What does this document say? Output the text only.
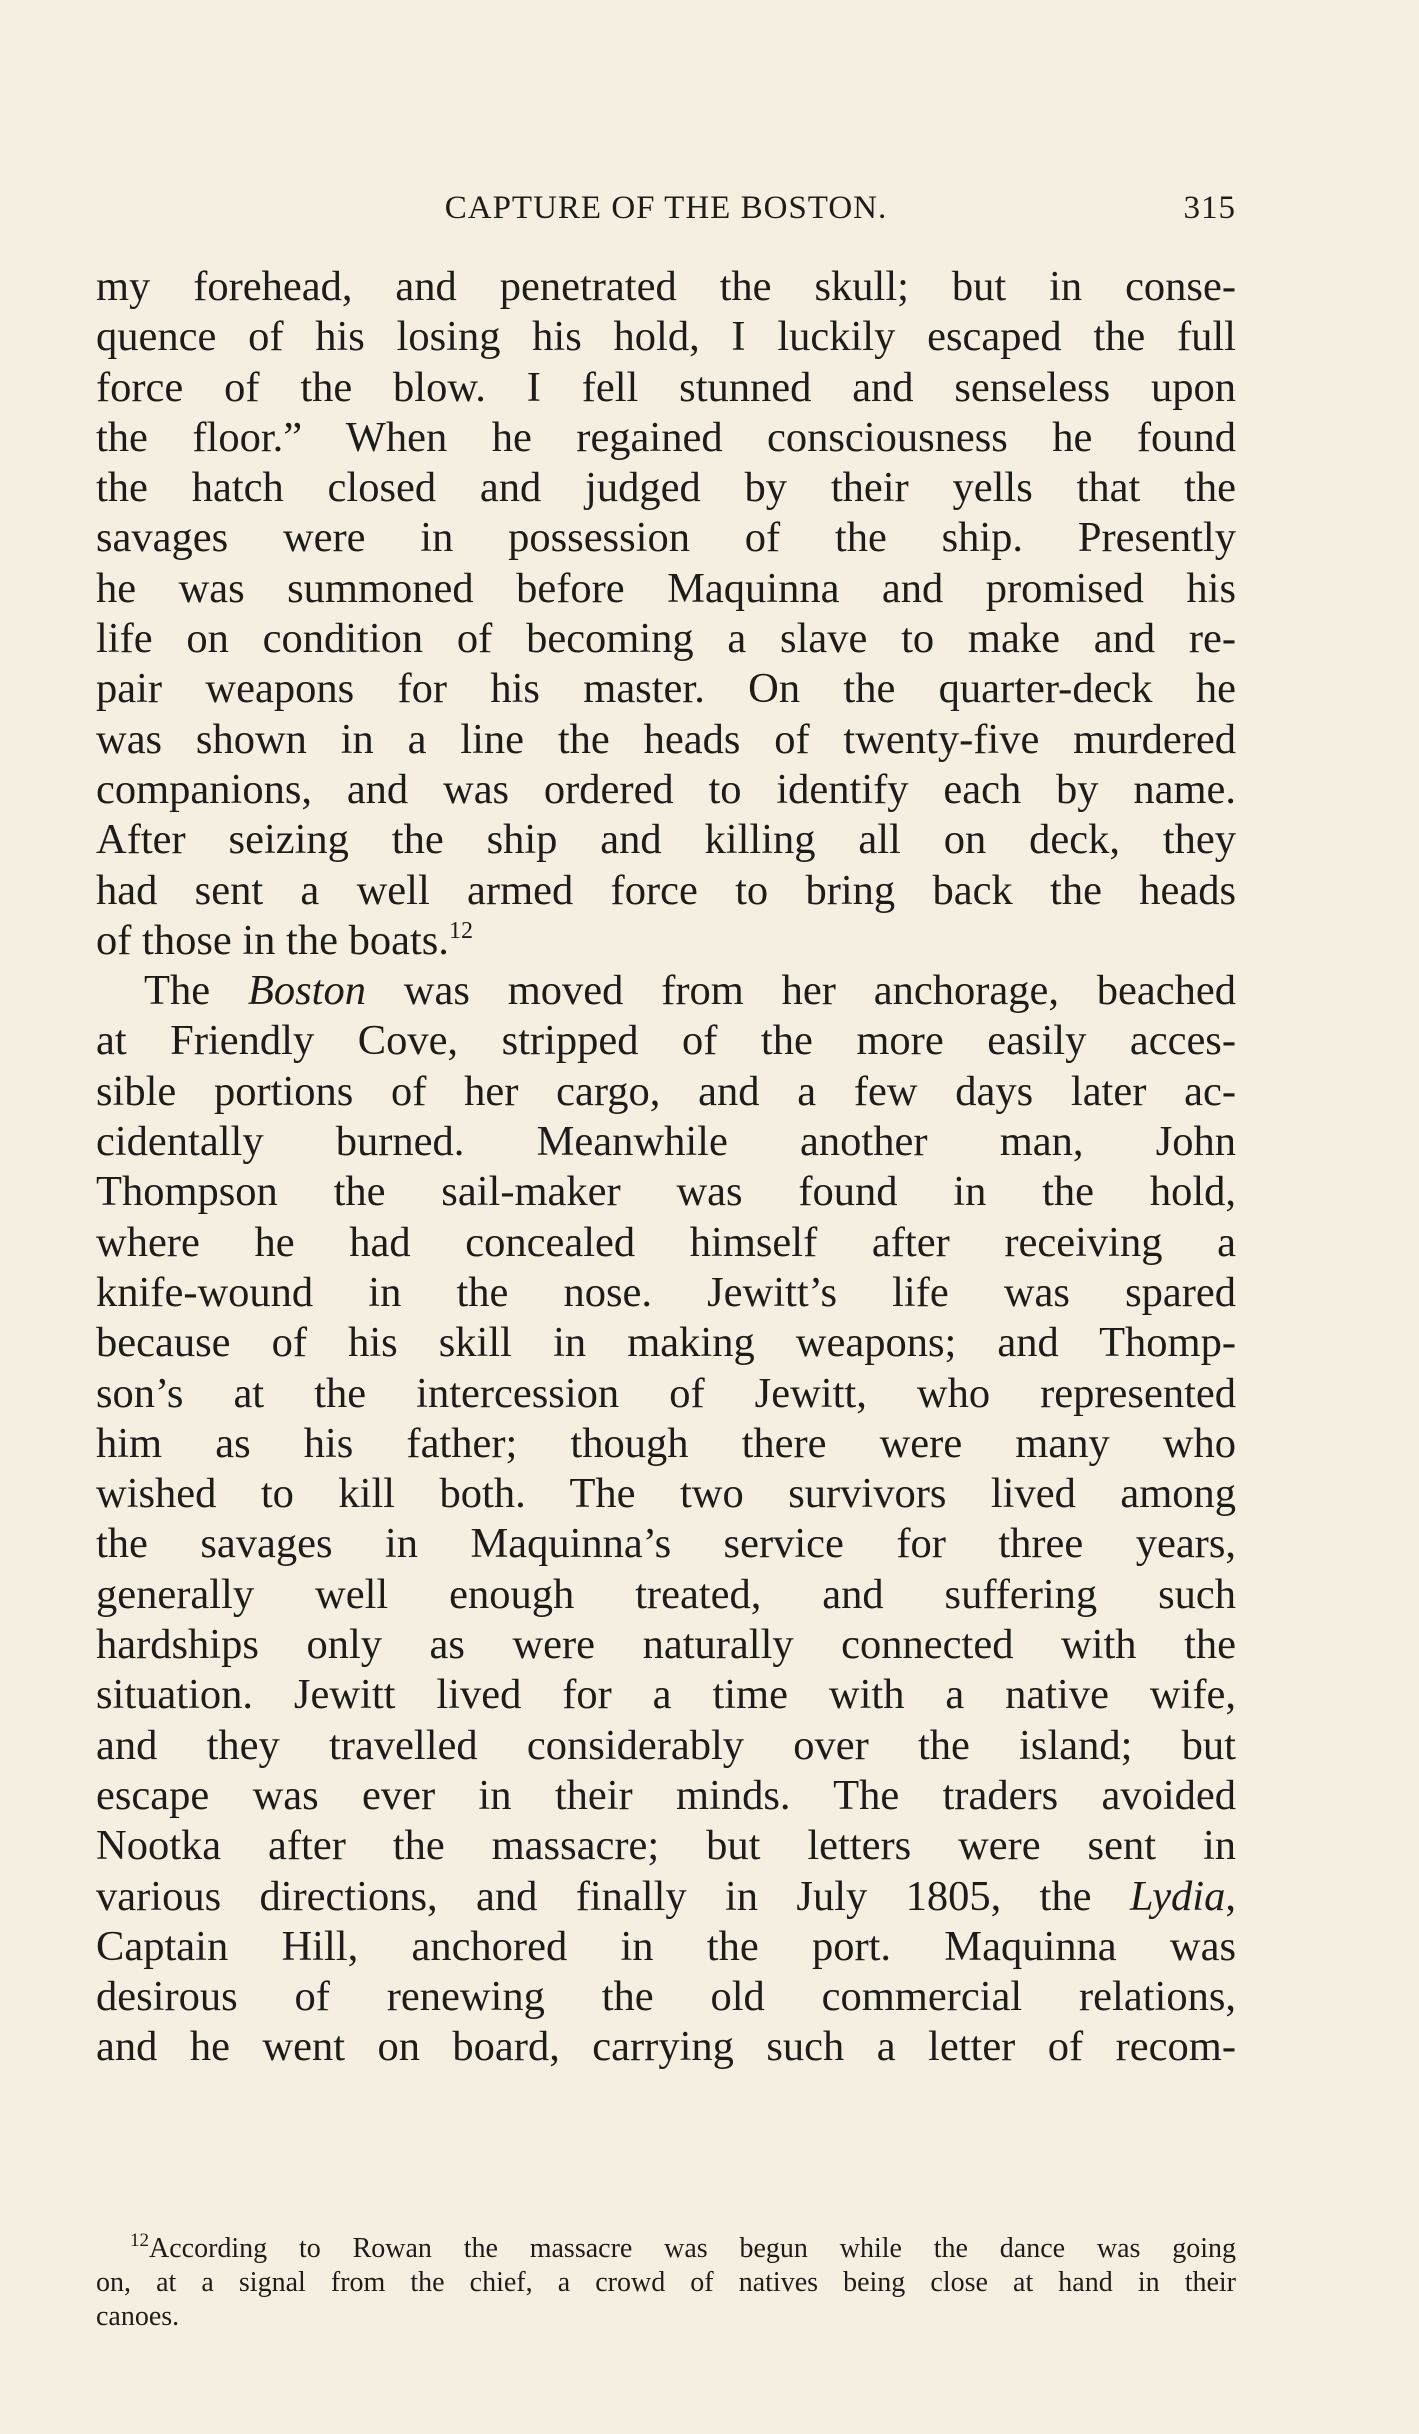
CAPTURE OF THE BOSTON.	315
my forehead, and penetrated the skull; but in conse-
quence of his losing his hold, I luckily escaped the full
force of the blow. I fell stunned and senseless upon
the floor.” When he regained consciousness he found
the hatch closed and judged by their yells that the
savages were in possession of the ship. Presently
he was summoned before Maquinna and promised his
life on condition of becoming a slave to make and re-
pair weapons for his master. On the quarter-deck he
was shown in a line the heads of twenty-five murdered
companions, and was ordered to identify each by name.
After seizing the ship and killing all on deck, they
had sent a well armed force to bring back the heads
of those in the boats.$^{12}$
The Boston was moved from her anchorage, beached
at Friendly Cove, stripped of the more easily acces-
sible portions of her cargo, and a few days later ac-
cidentally burned. Meanwhile another man, John
Thompson the sail-maker was found in the hold,
where he had concealed himself after receiving a
knife-wound in the nose. Jewitt’s life was spared
because of his skill in making weapons; and Thomp-
son’s at the intercession of Jewitt, who represented
him as his father; though there were many who
wished to kill both. The two survivors lived among
the savages in Maquinna’s service for three years,
generally well enough treated, and suffering such
hardships only as were naturally connected with the
situation. Jewitt lived for a time with a native wife,
and they travelled considerably over the island; but
escape was ever in their minds. The traders avoided
Nootka after the massacre; but letters were sent in
various directions, and finally in July 1805, the Lydia,
Captain Hill, anchored in the port. Maquinna was
desirous of renewing the old commercial relations,
and he went on board, carrying such a letter of recom-
$^{12}$According to Rowan the massacre was begun while the dance was going
on, at a signal from the chief, a crowd of natives being close at hand in their
canoes.
